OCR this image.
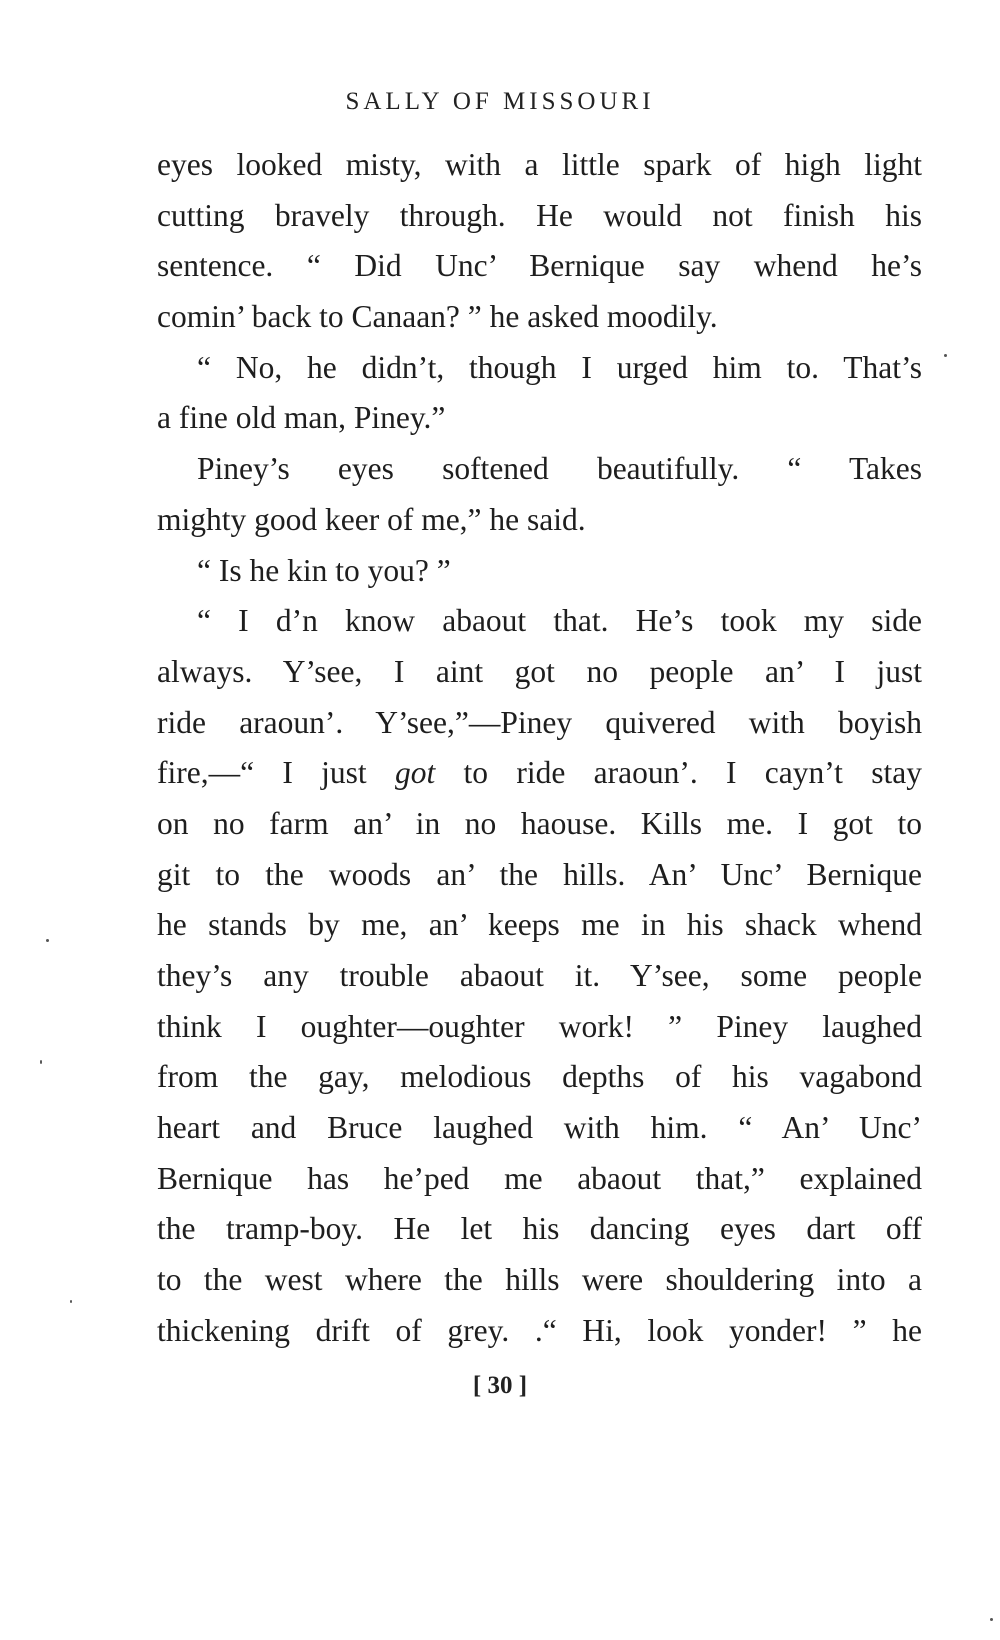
SALLY OF MISSOURI
eyes looked misty, with a little spark of high light
cutting bravely through. He would not finish his
sentence. “ Did Unc’ Bernique say whend he’s
comin’ back to Canaan? ” he asked moodily.
“ No, he didn’t, though I urged him to. That’s
a fine old man, Piney.”
Piney’s eyes softened beautifully. “ Takes
mighty good keer of me,” he said.
“ Is he kin to you? ”
“ I d’n know abaout that. He’s took my side
always. Y’see, I aint got no people an’ I just
ride araoun’. Y’see,”—Piney quivered with boyish
fire,—“ I just got to ride araoun’. I cayn’t stay
on no farm an’ in no haouse. Kills me. I got to
git to the woods an’ the hills. An’ Unc’ Bernique
he stands by me, an’ keeps me in his shack whend
they’s any trouble abaout it. Y’see, some people
think I oughter—oughter work! ” Piney laughed
from the gay, melodious depths of his vagabond
heart and Bruce laughed with him. “ An’ Unc’
Bernique has he’ped me abaout that,” explained
the tramp-boy. He let his dancing eyes dart off
to the west where the hills were shouldering into a
thickening drift of grey. .“ Hi, look yonder! ” he
[ 30 ]
